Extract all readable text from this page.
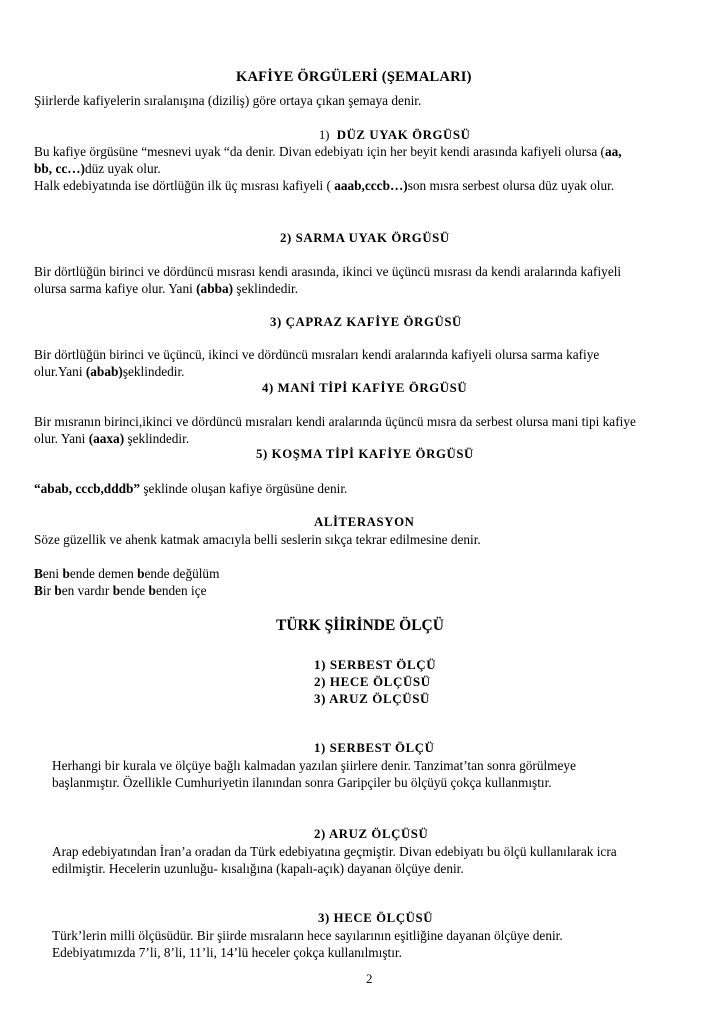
KAFİYE ÖRGÜLERİ (ŞEMALARI)
Şiirlerde kafiyelerin sıralanışına (diziliş) göre ortaya çıkan şemaya denir.
1) DÜZ UYAK ÖRGÜSÜ
Bu kafiye örgüsüne “mesnevi uyak “da denir. Divan edebiyatı için her beyit kendi arasında kafiyeli olursa (aa,
bb, cc…)düz uyak olur.
Halk edebiyatında ise dörtlüğün ilk üç mısrası kafiyeli ( aaab,cccb…)son mısra serbest olursa düz uyak olur.
2) SARMA UYAK ÖRGÜSÜ
Bir dörtlüğün birinci ve dördüncü mısrası kendi arasında, ikinci ve üçüncü mısrası da kendi aralarında kafiyeli
olursa sarma kafiye olur. Yani (abba) şeklindedir.
3) ÇAPRAZ KAFİYE ÖRGÜSÜ
Bir dörtlüğün birinci ve üçüncü, ikinci ve dördüncü mısraları kendi aralarında kafiyeli olursa sarma kafiye
olur.Yani (abab)şeklindedir.
4) MANİ TİPİ KAFİYE ÖRGÜSÜ
Bir mısranın birinci,ikinci ve dördüncü mısraları kendi aralarında üçüncü mısra da serbest olursa mani tipi kafiye
olur. Yani (aaxa) şeklindedir.
5) KOŞMA TİPİ KAFİYE ÖRGÜSÜ
“abab, cccb,dddb” şeklinde oluşan kafiye örgüsüne denir.
ALİTERASYON
Söze güzellik ve ahenk katmak amacıyla belli seslerin sıkça tekrar edilmesine denir.
Beni bende demen bende değülüm
Bir ben vardır bende benden içe
TÜRK ŞİİRİNDE ÖLÇÜ
1) SERBEST ÖLÇÜ
2) HECE ÖLÇÜSÜ
3) ARUZ ÖLÇÜSÜ
1) SERBEST ÖLÇÜ
Herhangi bir kurala ve ölçüye bağlı kalmadan yazılan şiirlere denir. Tanzimat’tan sonra görülmeye
başlanmıştır. Özellikle Cumhuriyetin ilanından sonra Garipçiler bu ölçüyü çokça kullanmıştır.
2) ARUZ ÖLÇÜSÜ
Arap edebiyatından İran’a oradan da Türk edebiyatına geçmiştir. Divan edebiyatı bu ölçü kullanılarak icra
edilmiştir. Hecelerin uzunluğu- kısalığına (kapalı-açık) dayanan ölçüye denir.
3) HECE ÖLÇÜSÜ
Türk’lerin milli ölçüsüdür. Bir şiirde mısraların hece sayılarının eşitliğine dayanan ölçüye denir.
Edebiyatımızda 7’li, 8’li, 11’li, 14’lü heceler çokça kullanılmıştır.
2
